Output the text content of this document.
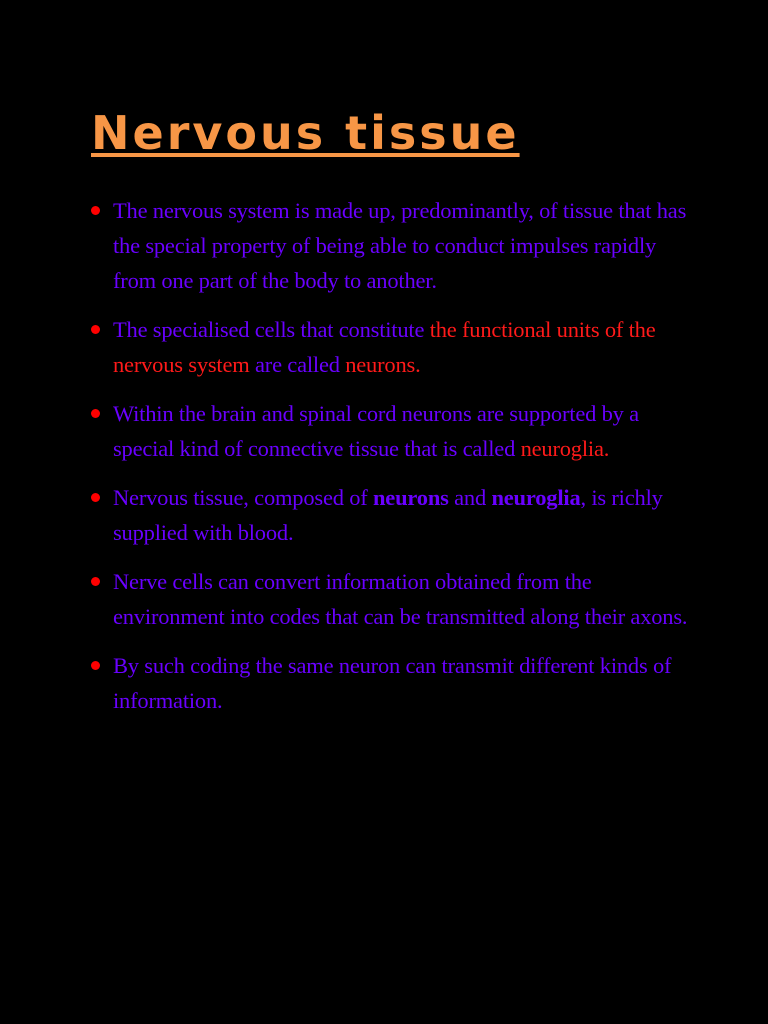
Nervous tissue
The nervous system is made up, predominantly, of tissue that has the special property of being able to conduct impulses rapidly from one part of the body to another.
The specialised cells that constitute the functional units of the nervous system are called neurons.
Within the brain and spinal cord neurons are supported by a special kind of connective tissue that is called neuroglia.
Nervous tissue, composed of neurons and neuroglia, is richly supplied with blood.
Nerve cells can convert information obtained from the environment into codes that can be transmitted along their axons.
By such coding the same neuron can transmit different kinds of information.
